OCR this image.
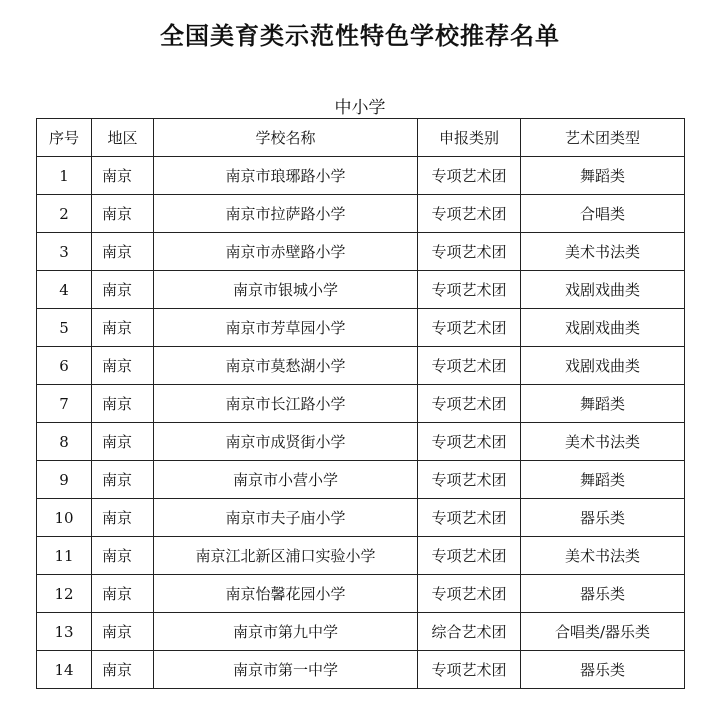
全国美育类示范性特色学校推荐名单
中小学
序号	地区	学校名称	申报类别	艺术团类型
1	南京	南京市琅琊路小学	专项艺术团	舞蹈类
2	南京	南京市拉萨路小学	专项艺术团	合唱类
3	南京	南京市赤壁路小学	专项艺术团	美术书法类
4	南京	南京市银城小学	专项艺术团	戏剧戏曲类
5	南京	南京市芳草园小学	专项艺术团	戏剧戏曲类
6	南京	南京市莫愁湖小学	专项艺术团	戏剧戏曲类
7	南京	南京市长江路小学	专项艺术团	舞蹈类
8	南京	南京市成贤街小学	专项艺术团	美术书法类
9	南京	南京市小营小学	专项艺术团	舞蹈类
10	南京	南京市夫子庙小学	专项艺术团	器乐类
11	南京	南京江北新区浦口实验小学	专项艺术团	美术书法类
12	南京	南京怡馨花园小学	专项艺术团	器乐类
13	南京	南京市第九中学	综合艺术团	合唱类/器乐类
14	南京	南京市第一中学	专项艺术团	器乐类
